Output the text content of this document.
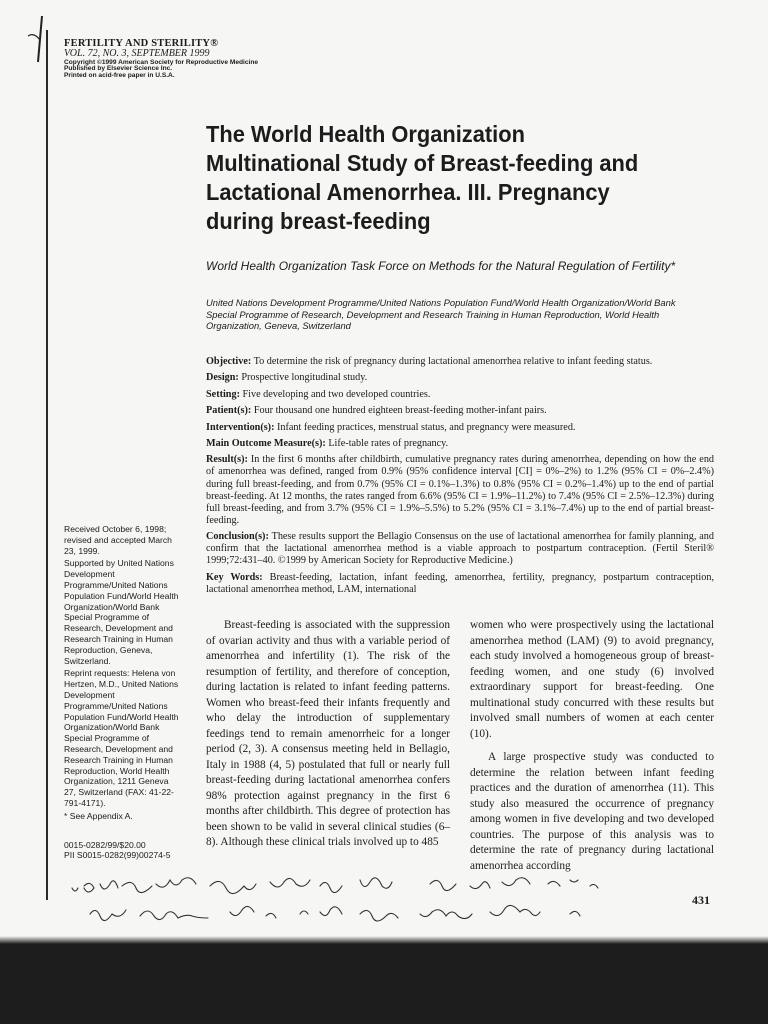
FERTILITY AND STERILITY®
VOL. 72, NO. 3, SEPTEMBER 1999
Copyright ©1999 American Society for Reproductive Medicine
Published by Elsevier Science Inc.
Printed on acid-free paper in U.S.A.
The World Health Organization Multinational Study of Breast-feeding and Lactational Amenorrhea. III. Pregnancy during breast-feeding
World Health Organization Task Force on Methods for the Natural Regulation of Fertility*
United Nations Development Programme/United Nations Population Fund/World Health Organization/World Bank Special Programme of Research, Development and Research Training in Human Reproduction, World Health Organization, Geneva, Switzerland

Objective: To determine the risk of pregnancy during lactational amenorrhea relative to infant feeding status.

Design: Prospective longitudinal study.

Setting: Five developing and two developed countries.

Patient(s): Four thousand one hundred eighteen breast-feeding mother-infant pairs.

Intervention(s): Infant feeding practices, menstrual status, and pregnancy were measured.

Main Outcome Measure(s): Life-table rates of pregnancy.

Result(s): In the first 6 months after childbirth, cumulative pregnancy rates during amenorrhea, depending on how the end of amenorrhea was defined, ranged from 0.9% (95% confidence interval [CI] = 0%–2%) to 1.2% (95% CI = 0%–2.4%) during full breast-feeding, and from 0.7% (95% CI = 0.1%–1.3%) to 0.8% (95% CI = 0.2%–1.4%) up to the end of partial breast-feeding. At 12 months, the rates ranged from 6.6% (95% CI = 1.9%–11.2%) to 7.4% (95% CI = 2.5%–12.3%) during full breast-feeding, and from 3.7% (95% CI = 1.9%–5.5%) to 5.2% (95% CI = 3.1%–7.4%) up to the end of partial breast-feeding.

Conclusion(s): These results support the Bellagio Consensus on the use of lactational amenorrhea for family planning, and confirm that the lactational amenorrhea method is a viable approach to postpartum contraception. (Fertil Steril® 1999;72:431–40. ©1999 by American Society for Reproductive Medicine.)

Key Words: Breast-feeding, lactation, infant feeding, amenorrhea, fertility, pregnancy, postpartum contraception, lactational amenorrhea method, LAM, international

Received October 6, 1998; revised and accepted March 23, 1999.

Supported by United Nations Development Programme/United Nations Population Fund/World Health Organization/World Bank Special Programme of Research, Development and Research Training in Human Reproduction, Geneva, Switzerland.

Reprint requests: Helena von Hertzen, M.D., United Nations Development Programme/United Nations Population Fund/World Health Organization/World Bank Special Programme of Research, Development and Research Training in Human Reproduction, World Health Organization, 1211 Geneva 27, Switzerland (FAX: 41-22-791-4171).

* See Appendix A.

0015-0282/99/$20.00
PII S0015-0282(99)00274-5

Breast-feeding is associated with the suppression of ovarian activity and thus with a variable period of amenorrhea and infertility (1). The risk of the resumption of fertility, and therefore of conception, during lactation is related to infant feeding patterns. Women who breast-feed their infants frequently and who delay the introduction of supplementary feedings tend to remain amenorrheic for a longer period (2, 3). A consensus meeting held in Bellagio, Italy in 1988 (4, 5) postulated that full or nearly full breast-feeding during lactational amenorrhea confers 98% protection against pregnancy in the first 6 months after childbirth. This degree of protection has been shown to be valid in several clinical studies (6–8). Although these clinical trials involved up to 485

women who were prospectively using the lactational amenorrhea method (LAM) (9) to avoid pregnancy, each study involved a homogeneous group of breast-feeding women, and one study (6) involved extraordinary support for breast-feeding. One multinational study concurred with these results but involved small numbers of women at each center (10).

A large prospective study was conducted to determine the relation between infant feeding practices and the duration of amenorrhea (11). This study also measured the occurrence of pregnancy among women in five developing and two developed countries. The purpose of this analysis was to determine the rate of pregnancy during lactational amenorrhea according

431
